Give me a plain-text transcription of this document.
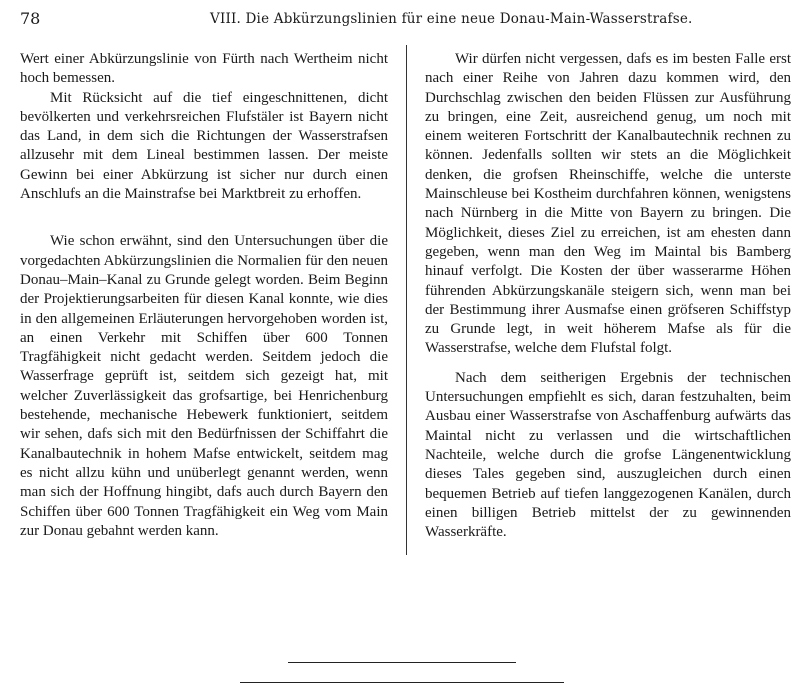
78	VIII. Die Abkürzungslinien für eine neue Donau-Main-Wasserstrafse.

Wert einer Abkürzungslinie von Fürth nach Wertheim nicht hoch bemessen.

Mit Rücksicht auf die tief eingeschnittenen, dicht bevölkerten und verkehrsreichen Flufstäler ist Bayern nicht das Land, in dem sich die Richtungen der Wasserstrafsen allzusehr mit dem Lineal bestimmen lassen. Der meiste Gewinn bei einer Abkürzung ist sicher nur durch einen Anschlufs an die Mainstrafse bei Marktbreit zu erhoffen.

Wie schon erwähnt, sind den Untersuchungen über die vorgedachten Abkürzungslinien die Normalien für den neuen Donau–Main–Kanal zu Grunde gelegt worden. Beim Beginn der Projektierungsarbeiten für diesen Kanal konnte, wie dies in den allgemeinen Erläuterungen hervorgehoben worden ist, an einen Verkehr mit Schiffen über 600 Tonnen Tragfähigkeit nicht gedacht werden. Seitdem jedoch die Wasserfrage geprüft ist, seitdem sich gezeigt hat, mit welcher Zuverlässigkeit das grofsartige, bei Henrichenburg bestehende, mechanische Hebewerk funktioniert, seitdem wir sehen, dafs sich mit den Bedürfnissen der Schiffahrt die Kanalbautechnik in hohem Mafse entwickelt, seitdem mag es nicht allzu kühn und unüberlegt genannt werden, wenn man sich der Hoffnung hingibt, dafs auch durch Bayern den Schiffen über 600 Tonnen Tragfähigkeit ein Weg vom Main zur Donau gebahnt werden kann.

Wir dürfen nicht vergessen, dafs es im besten Falle erst nach einer Reihe von Jahren dazu kommen wird, den Durchschlag zwischen den beiden Flüssen zur Ausführung zu bringen, eine Zeit, ausreichend genug, um noch mit einem weiteren Fortschritt der Kanalbautechnik rechnen zu können. Jedenfalls sollten wir stets an die Möglichkeit denken, die grofsen Rheinschiffe, welche die unterste Mainschleuse bei Kostheim durchfahren können, wenigstens nach Nürnberg in die Mitte von Bayern zu bringen. Die Möglichkeit, dieses Ziel zu erreichen, ist am ehesten dann gegeben, wenn man den Weg im Maintal bis Bamberg hinauf verfolgt. Die Kosten der über wasserarme Höhen führenden Abkürzungskanäle steigern sich, wenn man bei der Bestimmung ihrer Ausmafse einen gröfseren Schiffstyp zu Grunde legt, in weit höherem Mafse als für die Wasserstrafse, welche dem Flufstal folgt.

Nach dem seitherigen Ergebnis der technischen Untersuchungen empfiehlt es sich, daran festzuhalten, beim Ausbau einer Wasserstrafse von Aschaffenburg aufwärts das Maintal nicht zu verlassen und die wirtschaftlichen Nachteile, welche durch die grofse Längenentwicklung dieses Tales gegeben sind, auszugleichen durch einen bequemen Betrieb auf tiefen langgezogenen Kanälen, durch einen billigen Betrieb mittelst der zu gewinnenden Wasserkräfte.
